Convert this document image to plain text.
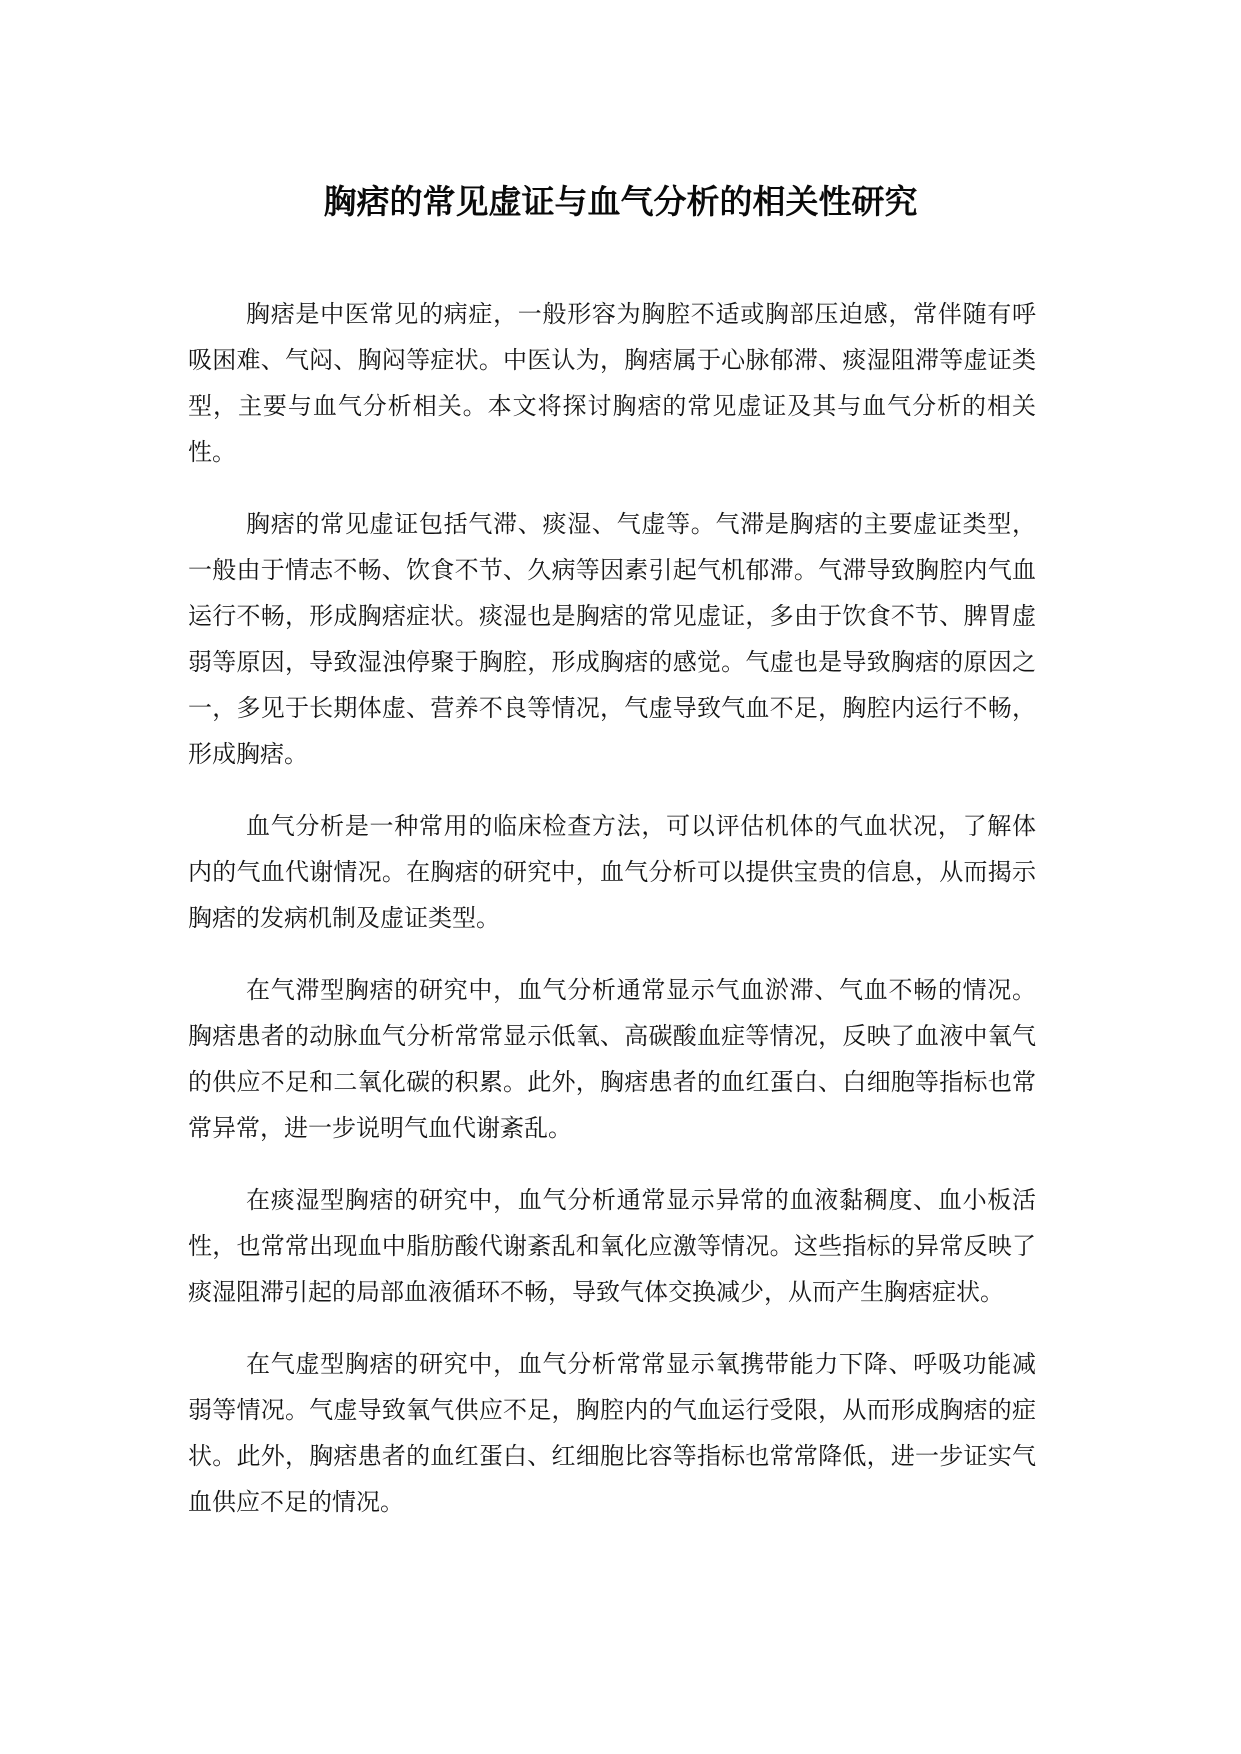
胸痞的常见虚证与血气分析的相关性研究

胸痞是中医常见的病症，一般形容为胸腔不适或胸部压迫感，常伴随有呼吸困难、气闷、胸闷等症状。中医认为，胸痞属于心脉郁滞、痰湿阻滞等虚证类型，主要与血气分析相关。本文将探讨胸痞的常见虚证及其与血气分析的相关性。

胸痞的常见虚证包括气滞、痰湿、气虚等。气滞是胸痞的主要虚证类型，一般由于情志不畅、饮食不节、久病等因素引起气机郁滞。气滞导致胸腔内气血运行不畅，形成胸痞症状。痰湿也是胸痞的常见虚证，多由于饮食不节、脾胃虚弱等原因，导致湿浊停聚于胸腔，形成胸痞的感觉。气虚也是导致胸痞的原因之一，多见于长期体虚、营养不良等情况，气虚导致气血不足，胸腔内运行不畅，形成胸痞。

血气分析是一种常用的临床检查方法，可以评估机体的气血状况，了解体内的气血代谢情况。在胸痞的研究中，血气分析可以提供宝贵的信息，从而揭示胸痞的发病机制及虚证类型。

在气滞型胸痞的研究中，血气分析通常显示气血淤滞、气血不畅的情况。胸痞患者的动脉血气分析常常显示低氧、高碳酸血症等情况，反映了血液中氧气的供应不足和二氧化碳的积累。此外，胸痞患者的血红蛋白、白细胞等指标也常常异常，进一步说明气血代谢紊乱。

在痰湿型胸痞的研究中，血气分析通常显示异常的血液黏稠度、血小板活性，也常常出现血中脂肪酸代谢紊乱和氧化应激等情况。这些指标的异常反映了痰湿阻滞引起的局部血液循环不畅，导致气体交换减少，从而产生胸痞症状。

在气虚型胸痞的研究中，血气分析常常显示氧携带能力下降、呼吸功能减弱等情况。气虚导致氧气供应不足，胸腔内的气血运行受限，从而形成胸痞的症状。此外，胸痞患者的血红蛋白、红细胞比容等指标也常常降低，进一步证实气血供应不足的情况。
